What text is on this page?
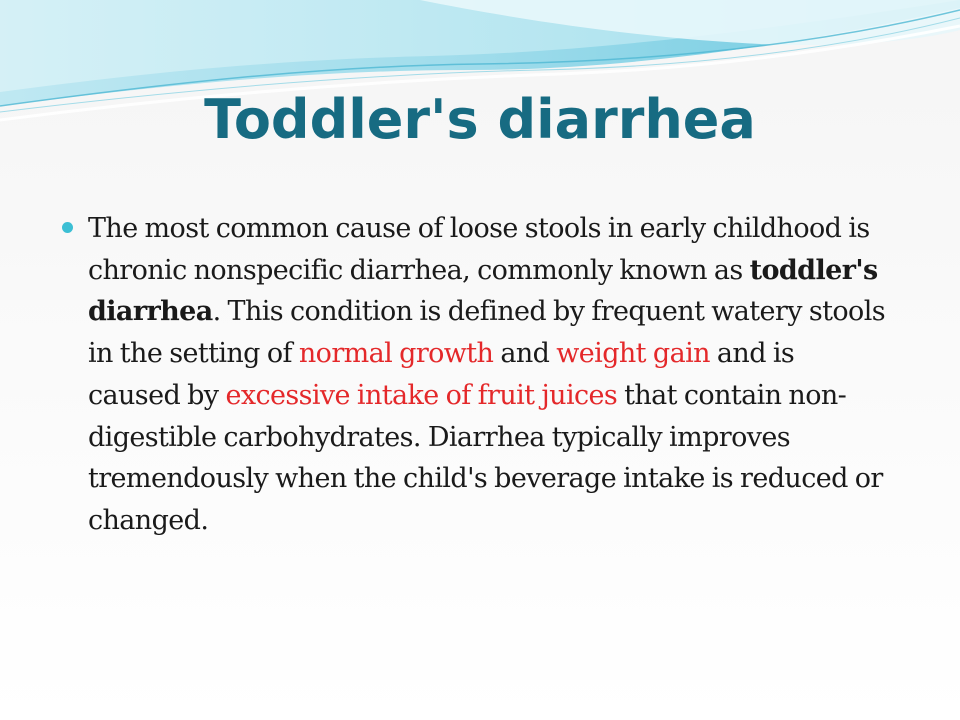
Toddler's diarrhea

The most common cause of loose stools in early childhood is chronic nonspecific diarrhea, commonly known as toddler's diarrhea. This condition is defined by frequent watery stools in the setting of normal growth and weight gain and is caused by excessive intake of fruit juices that contain non-digestible carbohydrates. Diarrhea typically improves tremendously when the child's beverage intake is reduced or changed.
